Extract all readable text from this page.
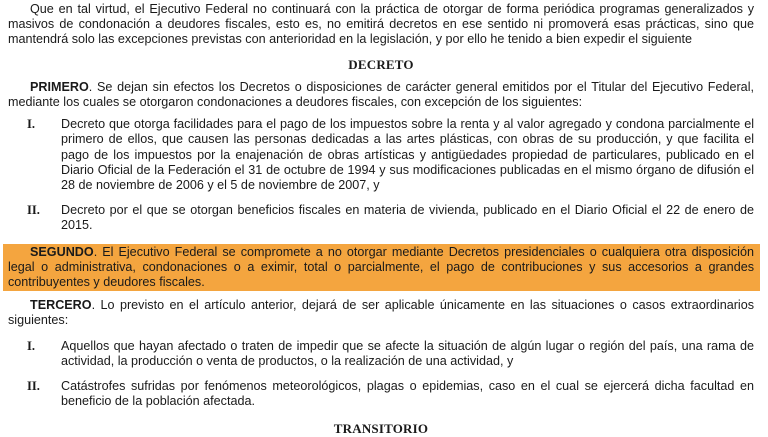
Que en tal virtud, el Ejecutivo Federal no continuará con la práctica de otorgar de forma periódica programas generalizados y masivos de condonación a deudores fiscales, esto es, no emitirá decretos en ese sentido ni promoverá esas prácticas, sino que mantendrá solo las excepciones previstas con anterioridad en la legislación, y por ello he tenido a bien expedir el siguiente

DECRETO

PRIMERO. Se dejan sin efectos los Decretos o disposiciones de carácter general emitidos por el Titular del Ejecutivo Federal, mediante los cuales se otorgaron condonaciones a deudores fiscales, con excepción de los siguientes:

I.	Decreto que otorga facilidades para el pago de los impuestos sobre la renta y al valor agregado y condona parcialmente el primero de ellos, que causen las personas dedicadas a las artes plásticas, con obras de su producción, y que facilita el pago de los impuestos por la enajenación de obras artísticas y antigüedades propiedad de particulares, publicado en el Diario Oficial de la Federación el 31 de octubre de 1994 y sus modificaciones publicadas en el mismo órgano de difusión el 28 de noviembre de 2006 y el 5 de noviembre de 2007, y
II.	Decreto por el que se otorgan beneficios fiscales en materia de vivienda, publicado en el Diario Oficial el 22 de enero de 2015.

SEGUNDO. El Ejecutivo Federal se compromete a no otorgar mediante Decretos presidenciales o cualquiera otra disposición legal o administrativa, condonaciones o a eximir, total o parcialmente, el pago de contribuciones y sus accesorios a grandes contribuyentes y deudores fiscales.

TERCERO. Lo previsto en el artículo anterior, dejará de ser aplicable únicamente en las situaciones o casos extraordinarios siguientes:

I.	Aquellos que hayan afectado o traten de impedir que se afecte la situación de algún lugar o región del país, una rama de actividad, la producción o venta de productos, o la realización de una actividad, y
II.	Catástrofes sufridas por fenómenos meteorológicos, plagas o epidemias, caso en el cual se ejercerá dicha facultad en beneficio de la población afectada.
TRANSITORIO
